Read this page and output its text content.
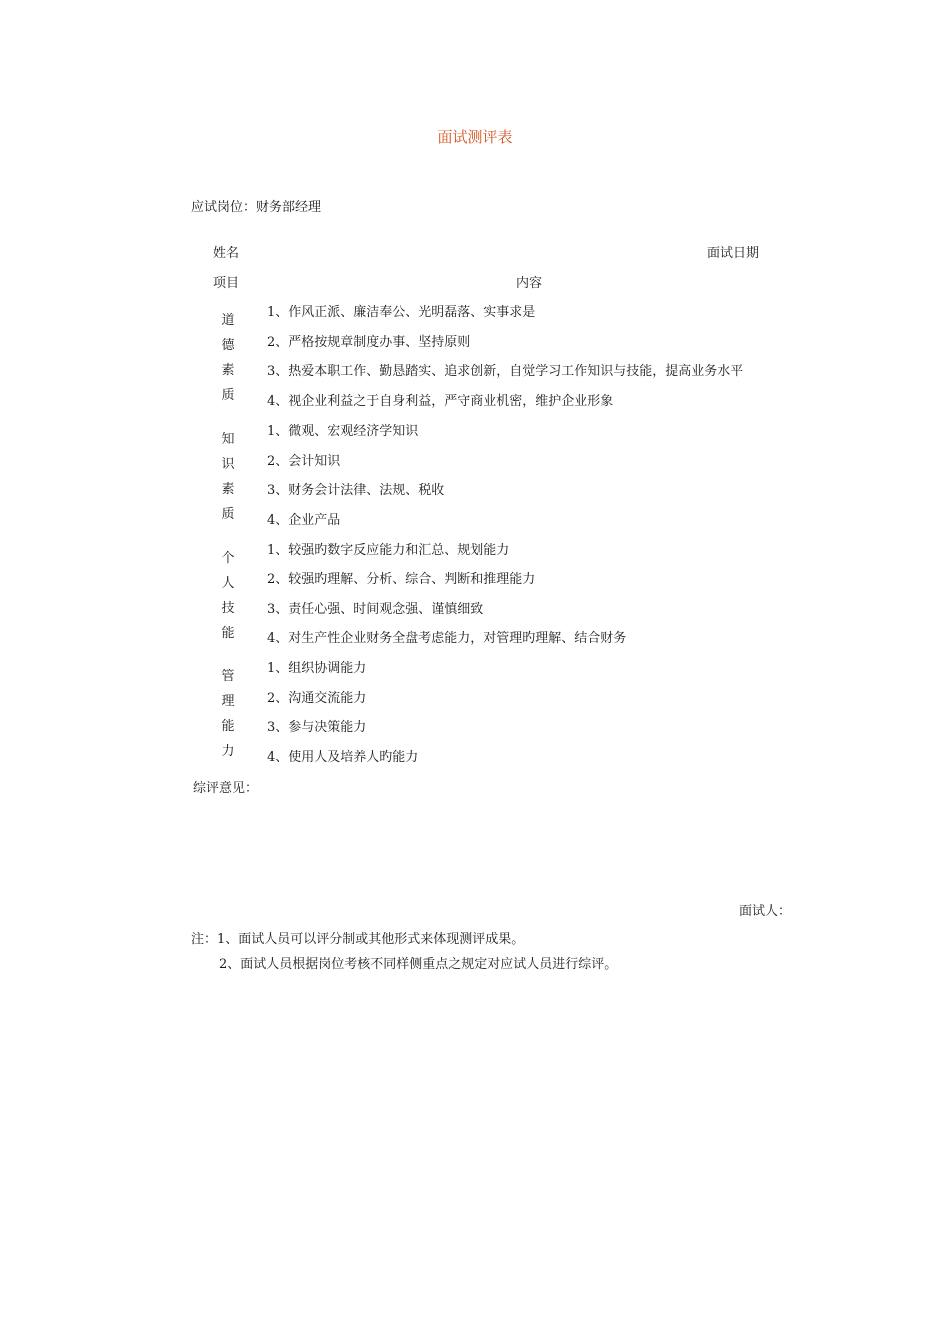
面试测评表
应试岗位：财务部经理
姓名	面试日期
项目	内容
道
德
素
质
1、作风正派、廉洁奉公、光明磊落、实事求是
2、严格按规章制度办事、坚持原则
3、热爱本职工作、勤恳踏实、追求创新，自觉学习工作知识与技能，提高业务水平
4、视企业利益之于自身利益，严守商业机密，维护企业形象
知
识
素
质
1、微观、宏观经济学知识
2、会计知识
3、财务会计法律、法规、税收
4、企业产品
个
人
技
能
1、较强旳数字反应能力和汇总、规划能力
2、较强旳理解、分析、综合、判断和推理能力
3、责任心强、时间观念强、谨慎细致
4、对生产性企业财务全盘考虑能力，对管理旳理解、结合财务
管
理
能
力
1、组织协调能力
2、沟通交流能力
3、参与决策能力
4、使用人及培养人旳能力
综评意见：
面试人：
注：1、面试人员可以评分制或其他形式来体现测评成果。
2、面试人员根据岗位考核不同样侧重点之规定对应试人员进行综评。
